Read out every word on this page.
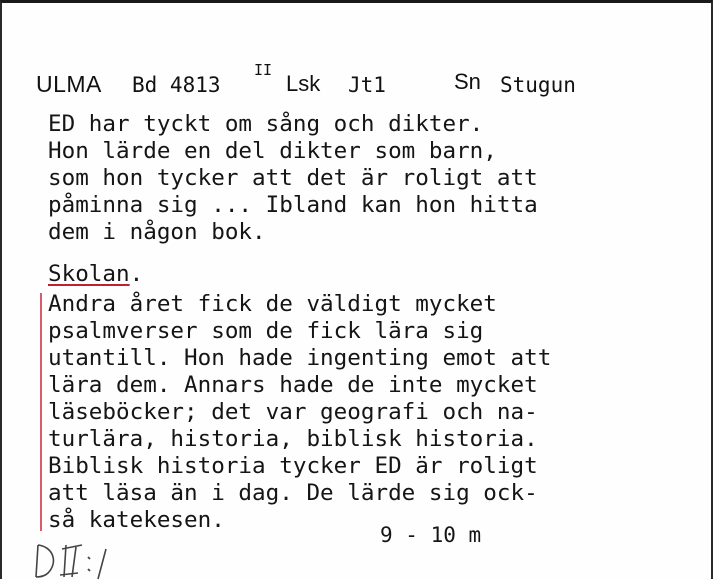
ULMA Bd 4813
II
Lsk Jt1	Sn Stugun
ED har tyckt om sång och dikter.
Hon lärde en del dikter som barn,
som hon tycker att det är roligt att
påminna sig ... Ibland kan hon hitta
dem i någon bok.
Skolan.
Andra året fick de väldigt mycket
psalmverser som de fick lära sig
utantill. Hon hade ingenting emot att
lära dem. Annars hade de inte mycket
läseböcker; det var geografi och na-
turlära, historia, biblisk historia.
Biblisk historia tycker ED är roligt
att läsa än i dag. De lärde sig ock-
så katekesen.
9 - 10 m
